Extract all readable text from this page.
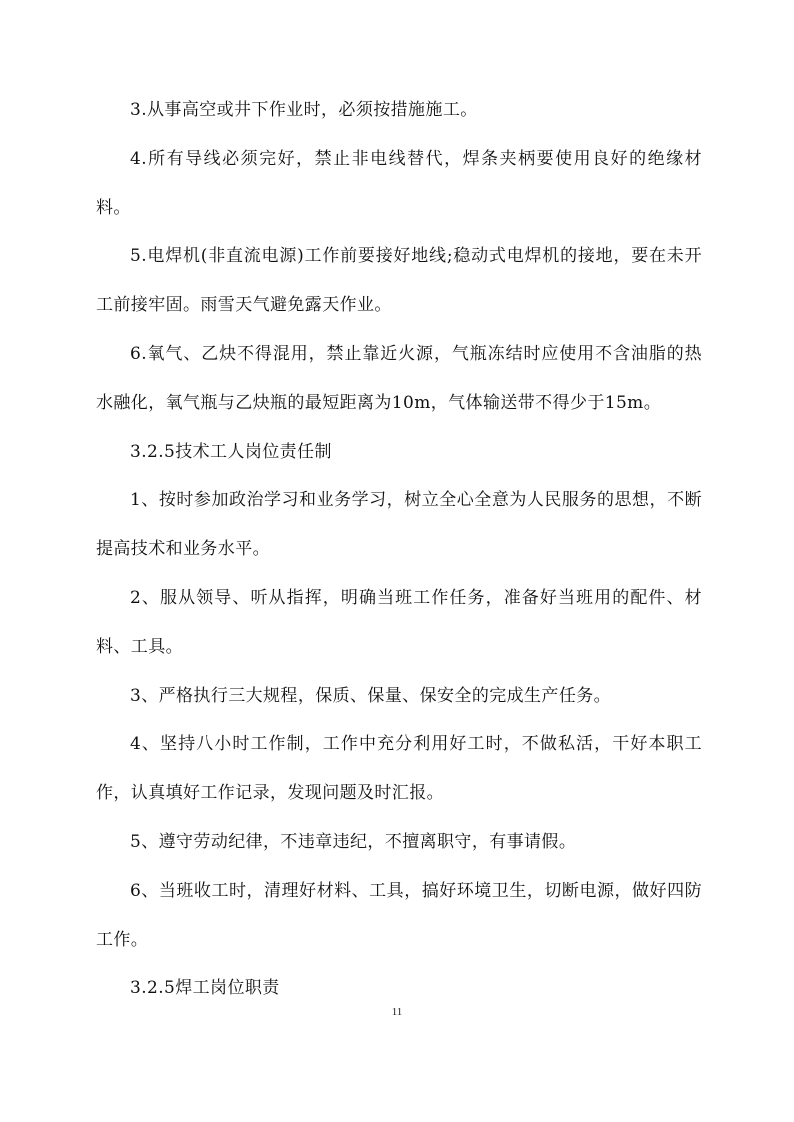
3.从事高空或井下作业时，必须按措施施工。

4.所有导线必须完好，禁止非电线替代，焊条夹柄要使用良好的绝缘材料。

5.电焊机(非直流电源)工作前要接好地线;稳动式电焊机的接地，要在未开工前接牢固。雨雪天气避免露天作业。

6.氧气、乙炔不得混用，禁止靠近火源，气瓶冻结时应使用不含油脂的热水融化，氧气瓶与乙炔瓶的最短距离为10m，气体输送带不得少于15m。

3.2.5技术工人岗位责任制

1、按时参加政治学习和业务学习，树立全心全意为人民服务的思想，不断提高技术和业务水平。

2、服从领导、听从指挥，明确当班工作任务，准备好当班用的配件、材料、工具。

3、严格执行三大规程，保质、保量、保安全的完成生产任务。

4、坚持八小时工作制，工作中充分利用好工时，不做私活，干好本职工作，认真填好工作记录，发现问题及时汇报。

5、遵守劳动纪律，不违章违纪，不擅离职守，有事请假。

6、当班收工时，清理好材料、工具，搞好环境卫生，切断电源，做好四防工作。

3.2.5焊工岗位职责

11
